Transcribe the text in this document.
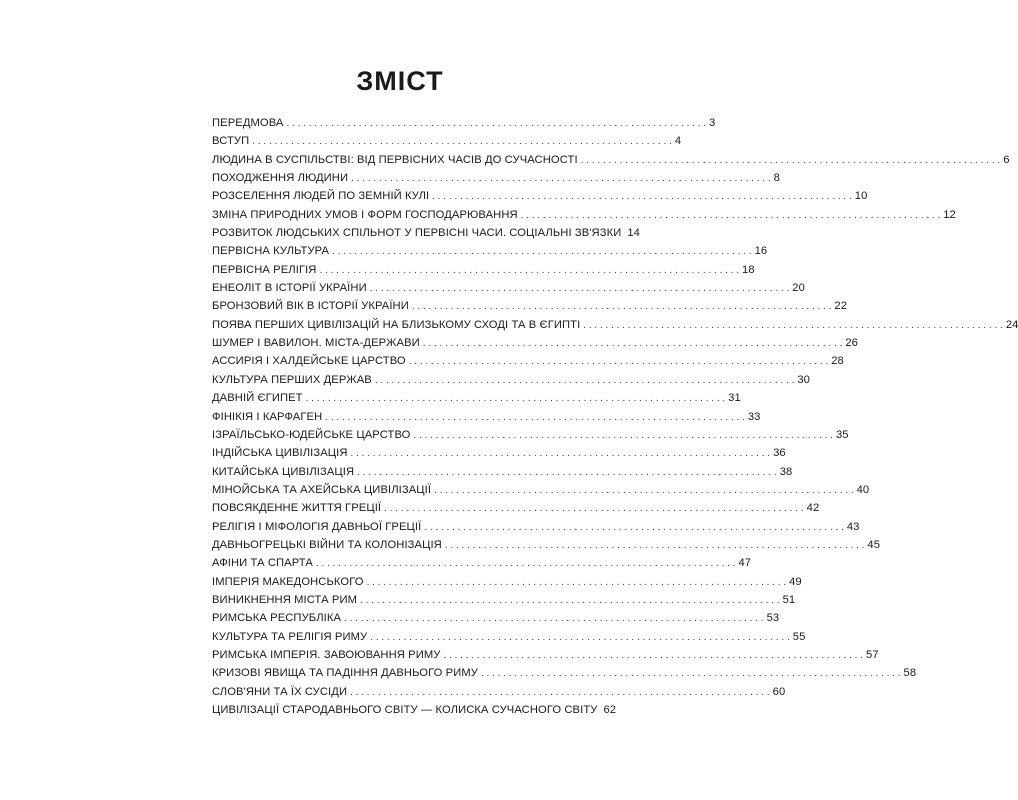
ЗМІСТ
ПЕРЕДМОВА . . .	3
ВСТУП . . .	4
ЛЮДИНА В СУСПІЛЬСТВІ: ВІД ПЕРВІСНИХ ЧАСІВ ДО СУЧАСНОСТІ . . .	6
ПОХОДЖЕННЯ ЛЮДИНИ . . .	8
РОЗСЕЛЕННЯ ЛЮДЕЙ ПО ЗЕМНІЙ КУЛІ . . .	10
ЗМІНА ПРИРОДНИХ УМОВ І ФОРМ ГОСПОДАРЮВАННЯ . . .	12
РОЗВИТОК ЛЮДСЬКИХ СПІЛЬНОТ У ПЕРВІСНІ ЧАСИ. СОЦІАЛЬНІ ЗВ'ЯЗКИ 14
ПЕРВІСНА КУЛЬТУРА . . .	16
ПЕРВІСНА РЕЛІГІЯ . . .	18
ЕНЕОЛІТ В ІСТОРІЇ УКРАЇНИ . . .	20
БРОНЗОВИЙ ВІК В ІСТОРІЇ УКРАЇНИ . . .	22
ПОЯВА ПЕРШИХ ЦИВІЛІЗАЦІЙ НА БЛИЗЬКОМУ СХОДІ ТА В ЄГИПТІ . . .	24
ШУМЕР І ВАВИЛОН. МІСТА-ДЕРЖАВИ . . .	26
АССИРІЯ І ХАЛДЕЙСЬКЕ ЦАРСТВО . . .	28
КУЛЬТУРА ПЕРШИХ ДЕРЖАВ . . .	30
ДАВНІЙ ЄГИПЕТ . . .	31
ФІНІКІЯ І КАРФАГЕН . . .	33
ІЗРАЇЛЬСЬКО-ЮДЕЙСЬКЕ ЦАРСТВО . . .	35
ІНДІЙСЬКА ЦИВІЛІЗАЦІЯ . . .	36
КИТАЙСЬКА ЦИВІЛІЗАЦІЯ . . .	38
МІНОЙСЬКА ТА АХЕЙСЬКА ЦИВІЛІЗАЦІЇ . . .	40
ПОВСЯКДЕННЕ ЖИТТЯ ГРЕЦІЇ . . .	42
РЕЛІГІЯ І МІФОЛОГІЯ ДАВНЬОЇ ГРЕЦІЇ . . .	43
ДАВНЬОГРЕЦЬКІ ВІЙНИ ТА КОЛОНІЗАЦІЯ . . .	45
АФІНИ ТА СПАРТА . . .	47
ІМПЕРІЯ МАКЕДОНСЬКОГО . . .	49
ВИНИКНЕННЯ МІСТА РИМ . . .	51
РИМСЬКА РЕСПУБЛІКА . . .	53
КУЛЬТУРА ТА РЕЛІГІЯ РИМУ . . .	55
РИМСЬКА ІМПЕРІЯ. ЗАВОЮВАННЯ РИМУ . . .	57
КРИЗОВІ ЯВИЩА ТА ПАДІННЯ ДАВНЬОГО РИМУ . . .	58
СЛОВ'ЯНИ ТА ЇХ СУСІДИ . . .	60
ЦИВІЛІЗАЦІЇ СТАРОДАВНЬОГО СВІТУ — КОЛИСКА СУЧАСНОГО СВІТУ 62
